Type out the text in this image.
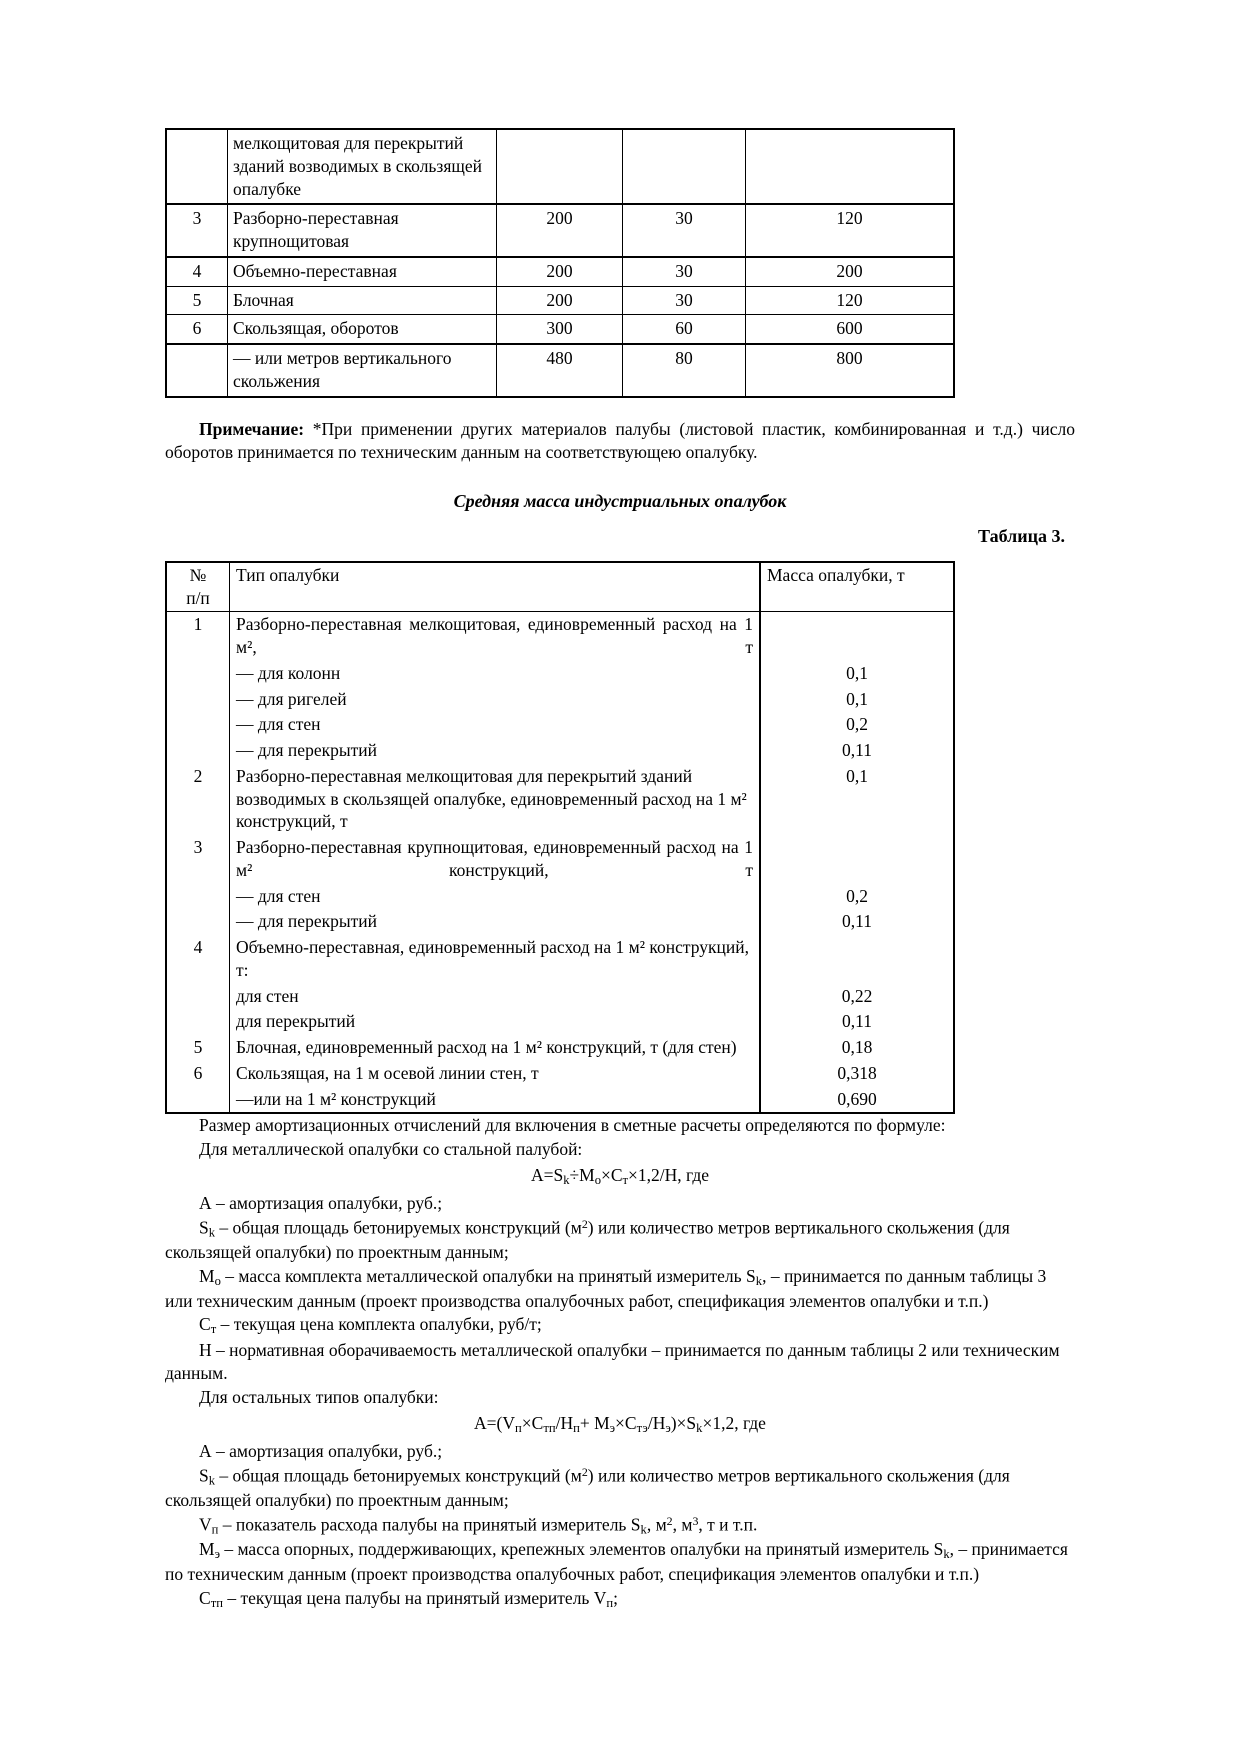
	мелкощитовая для перекрытий зданий возводимых в скользящей опалубке			
3	Разборно-переставная крупнощитовая	200	30	120
4	Объемно-переставная	200	30	200
5	Блочная	200	30	120
6	Скользящая, оборотов	300	60	600
	— или метров вертикального скольжения	480	80	800

Примечание: *При применении других материалов палубы (листовой пластик, комбинированная и т.д.) число оборотов принимается по техническим данным на соответствующею опалубку.

Средняя масса индустриальных опалубок

Таблица 3.

№
п/п	Тип опалубки	Масса опалубки, т
1	Разборно-переставная мелкощитовая, единовременный расход на 1 м², т	
	— для колонн	0,1
	— для ригелей	0,1
	— для стен	0,2
	— для перекрытий	0,11
2	Разборно-переставная мелкощитовая для перекрытий зданий возводимых в скользящей опалубке, единовременный расход на 1 м² конструкций, т	0,1
3	Разборно-переставная крупнощитовая, единовременный расход на 1 м² конструкций, т	
	— для стен	0,2
	— для перекрытий	0,11
4	Объемно-переставная, единовременный расход на 1 м² конструкций, т:	
	для стен	0,22
	для перекрытий	0,11
5	Блочная, единовременный расход на 1 м² конструкций, т (для стен)	0,18
6	Скользящая, на 1 м осевой линии стен, т	0,318
	—или на 1 м² конструкций	0,690
Размер амортизационных отчислений для включения в сметные расчеты определяются по формуле:
Для металлической опалубки со стальной палубой:
$A=S_k\div M_o\times C_т\times 1,2/H$, где
А – амортизация опалубки, руб.;
$S_k$ – общая площадь бетонируемых конструкций $(м^2)$ или количество метров вертикального скольжения (для скользящей опалубки) по проектным данным;
$М_o$ – масса комплекта металлической опалубки на принятый измеритель $S_k$, – принимается по данным таблицы 3 или техническим данным (проект производства опалубочных работ, спецификация элементов опалубки и т.п.)
$C_т$ – текущая цена комплекта опалубки, руб/т;
Н – нормативная оборачиваемость металлической опалубки – принимается по данным таблицы 2 или техническим данным.
Для остальных типов опалубки:
$A=(V_п\times C_{тп}/H_п+ M_э\times C_{тэ}/H_э)\times S_k\times 1,2$, где
А – амортизация опалубки, руб.;
$S_k$ – общая площадь бетонируемых конструкций $(м^2)$ или количество метров вертикального скольжения (для скользящей опалубки) по проектным данным;
$V_п$ – показатель расхода палубы на принятый измеритель $S_k$, $м^2$, $м^3$, т и т.п.
$M_э$ – масса опорных, поддерживающих, крепежных элементов опалубки на принятый измеритель $S_k$, – принимается по техническим данным (проект производства опалубочных работ, спецификация элементов опалубки и т.п.)
$C_{тп}$ – текущая цена палубы на принятый измеритель $V_п$;
